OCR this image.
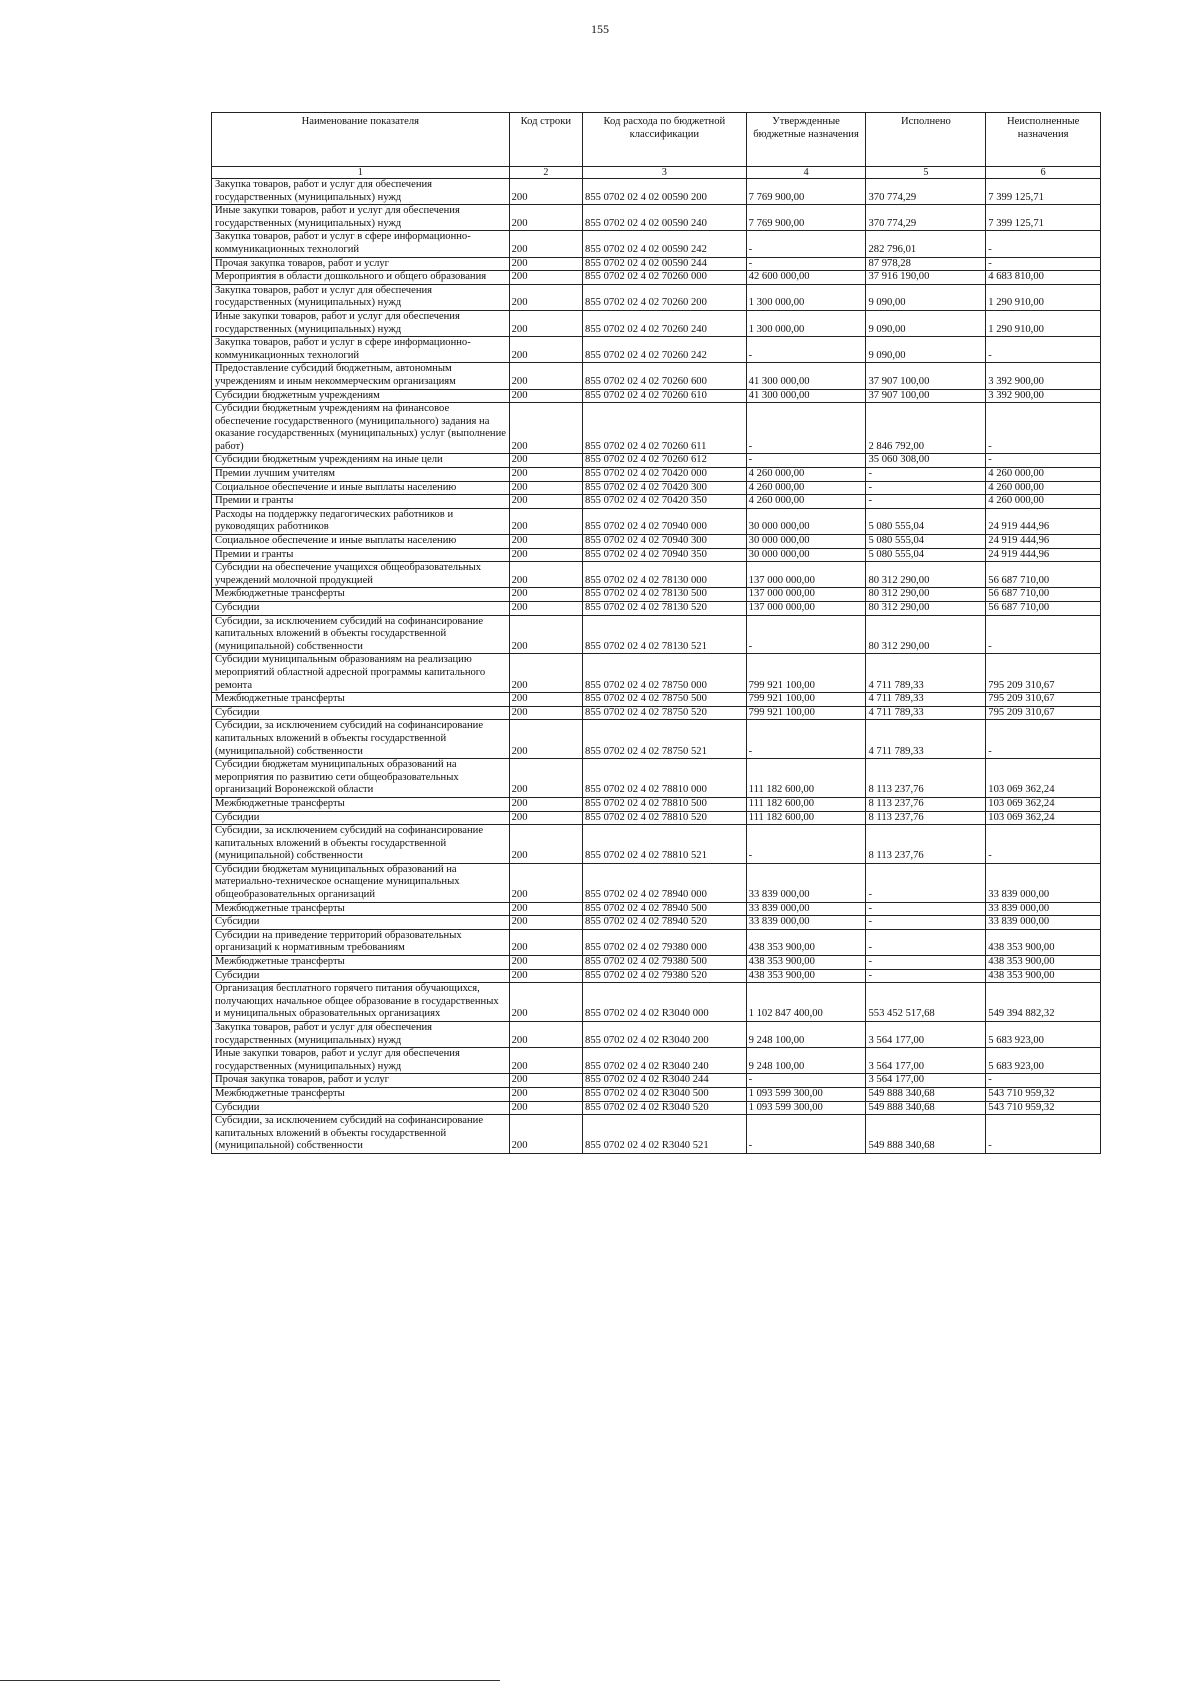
155
Наименование показателя	Код строки	Код расхода по бюджетной классификации	Утвержденные бюджетные назначения	Исполнено	Неисполненные назначения
1	2	3	4	5	6
Закупка товаров, работ и услуг для обеспечения государственных (муниципальных) нужд	200	855 0702 02 4 02 00590 200	7 769 900,00	370 774,29	7 399 125,71
Иные закупки товаров, работ и услуг для обеспечения государственных (муниципальных) нужд	200	855 0702 02 4 02 00590 240	7 769 900,00	370 774,29	7 399 125,71
Закупка товаров, работ и услуг в сфере информационно-коммуникационных технологий	200	855 0702 02 4 02 00590 242	-	282 796,01	-
Прочая закупка товаров, работ и услуг	200	855 0702 02 4 02 00590 244	-	87 978,28	-
Мероприятия в области дошкольного и общего образования	200	855 0702 02 4 02 70260 000	42 600 000,00	37 916 190,00	4 683 810,00
Закупка товаров, работ и услуг для обеспечения государственных (муниципальных) нужд	200	855 0702 02 4 02 70260 200	1 300 000,00	9 090,00	1 290 910,00
Иные закупки товаров, работ и услуг для обеспечения государственных (муниципальных) нужд	200	855 0702 02 4 02 70260 240	1 300 000,00	9 090,00	1 290 910,00
Закупка товаров, работ и услуг в сфере информационно-коммуникационных технологий	200	855 0702 02 4 02 70260 242	-	9 090,00	-
Предоставление субсидий бюджетным, автономным учреждениям и иным некоммерческим организациям	200	855 0702 02 4 02 70260 600	41 300 000,00	37 907 100,00	3 392 900,00
Субсидии бюджетным учреждениям	200	855 0702 02 4 02 70260 610	41 300 000,00	37 907 100,00	3 392 900,00
Субсидии бюджетным учреждениям на финансовое обеспечение государственного (муниципального) задания на оказание государственных (муниципальных) услуг (выполнение работ)	200	855 0702 02 4 02 70260 611	-	2 846 792,00	-
Субсидии бюджетным учреждениям на иные цели	200	855 0702 02 4 02 70260 612	-	35 060 308,00	-
Премии лучшим учителям	200	855 0702 02 4 02 70420 000	4 260 000,00	-	4 260 000,00
Социальное обеспечение и иные выплаты населению	200	855 0702 02 4 02 70420 300	4 260 000,00	-	4 260 000,00
Премии и гранты	200	855 0702 02 4 02 70420 350	4 260 000,00	-	4 260 000,00
Расходы на поддержку педагогических работников и руководящих работников	200	855 0702 02 4 02 70940 000	30 000 000,00	5 080 555,04	24 919 444,96
Социальное обеспечение и иные выплаты населению	200	855 0702 02 4 02 70940 300	30 000 000,00	5 080 555,04	24 919 444,96
Премии и гранты	200	855 0702 02 4 02 70940 350	30 000 000,00	5 080 555,04	24 919 444,96
Субсидии на обеспечение учащихся общеобразовательных учреждений молочной продукцией	200	855 0702 02 4 02 78130 000	137 000 000,00	80 312 290,00	56 687 710,00
Межбюджетные трансферты	200	855 0702 02 4 02 78130 500	137 000 000,00	80 312 290,00	56 687 710,00
Субсидии	200	855 0702 02 4 02 78130 520	137 000 000,00	80 312 290,00	56 687 710,00
Субсидии, за исключением субсидий на софинансирование капитальных вложений в объекты государственной (муниципальной) собственности	200	855 0702 02 4 02 78130 521	-	80 312 290,00	-
Субсидии муниципальным образованиям на реализацию мероприятий областной адресной программы капитального ремонта	200	855 0702 02 4 02 78750 000	799 921 100,00	4 711 789,33	795 209 310,67
Межбюджетные трансферты	200	855 0702 02 4 02 78750 500	799 921 100,00	4 711 789,33	795 209 310,67
Субсидии	200	855 0702 02 4 02 78750 520	799 921 100,00	4 711 789,33	795 209 310,67
Субсидии, за исключением субсидий на софинансирование капитальных вложений в объекты государственной (муниципальной) собственности	200	855 0702 02 4 02 78750 521	-	4 711 789,33	-
Субсидии бюджетам муниципальных образований на мероприятия по развитию сети общеобразовательных организаций Воронежской области	200	855 0702 02 4 02 78810 000	111 182 600,00	8 113 237,76	103 069 362,24
Межбюджетные трансферты	200	855 0702 02 4 02 78810 500	111 182 600,00	8 113 237,76	103 069 362,24
Субсидии	200	855 0702 02 4 02 78810 520	111 182 600,00	8 113 237,76	103 069 362,24
Субсидии, за исключением субсидий на софинансирование капитальных вложений в объекты государственной (муниципальной) собственности	200	855 0702 02 4 02 78810 521	-	8 113 237,76	-
Субсидии бюджетам муниципальных образований на материально-техническое оснащение муниципальных общеобразовательных организаций	200	855 0702 02 4 02 78940 000	33 839 000,00	-	33 839 000,00
Межбюджетные трансферты	200	855 0702 02 4 02 78940 500	33 839 000,00	-	33 839 000,00
Субсидии	200	855 0702 02 4 02 78940 520	33 839 000,00	-	33 839 000,00
Субсидии на приведение территорий образовательных организаций к нормативным требованиям	200	855 0702 02 4 02 79380 000	438 353 900,00	-	438 353 900,00
Межбюджетные трансферты	200	855 0702 02 4 02 79380 500	438 353 900,00	-	438 353 900,00
Субсидии	200	855 0702 02 4 02 79380 520	438 353 900,00	-	438 353 900,00
Организация бесплатного горячего питания обучающихся, получающих начальное общее образование в государственных и муниципальных образовательных организациях	200	855 0702 02 4 02 R3040 000	1 102 847 400,00	553 452 517,68	549 394 882,32
Закупка товаров, работ и услуг для обеспечения государственных (муниципальных) нужд	200	855 0702 02 4 02 R3040 200	9 248 100,00	3 564 177,00	5 683 923,00
Иные закупки товаров, работ и услуг для обеспечения государственных (муниципальных) нужд	200	855 0702 02 4 02 R3040 240	9 248 100,00	3 564 177,00	5 683 923,00
Прочая закупка товаров, работ и услуг	200	855 0702 02 4 02 R3040 244	-	3 564 177,00	-
Межбюджетные трансферты	200	855 0702 02 4 02 R3040 500	1 093 599 300,00	549 888 340,68	543 710 959,32
Субсидии	200	855 0702 02 4 02 R3040 520	1 093 599 300,00	549 888 340,68	543 710 959,32
Субсидии, за исключением субсидий на софинансирование капитальных вложений в объекты государственной (муниципальной) собственности	200	855 0702 02 4 02 R3040 521	-	549 888 340,68	-
